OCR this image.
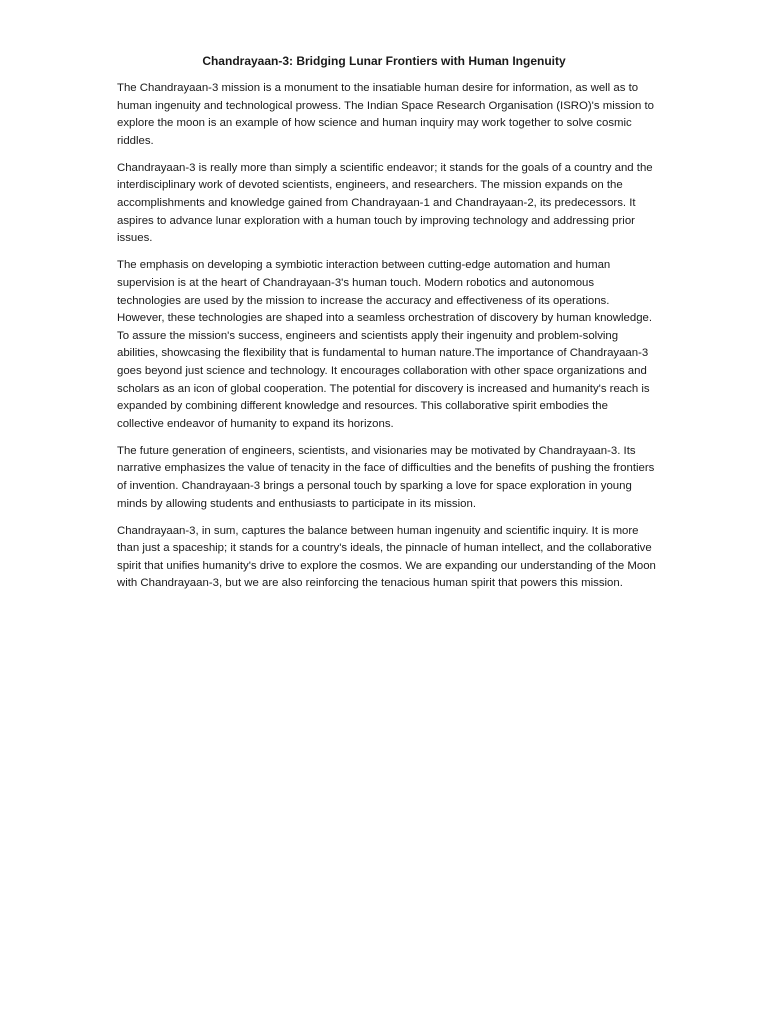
Chandrayaan-3: Bridging Lunar Frontiers with Human Ingenuity

The Chandrayaan-3 mission is a monument to the insatiable human desire for information, as well as to human ingenuity and technological prowess. The Indian Space Research Organisation (ISRO)'s mission to explore the moon is an example of how science and human inquiry may work together to solve cosmic riddles.

Chandrayaan-3 is really more than simply a scientific endeavor; it stands for the goals of a country and the interdisciplinary work of devoted scientists, engineers, and researchers. The mission expands on the accomplishments and knowledge gained from Chandrayaan-1 and Chandrayaan-2, its predecessors. It aspires to advance lunar exploration with a human touch by improving technology and addressing prior issues.

The emphasis on developing a symbiotic interaction between cutting-edge automation and human supervision is at the heart of Chandrayaan-3's human touch. Modern robotics and autonomous technologies are used by the mission to increase the accuracy and effectiveness of its operations. However, these technologies are shaped into a seamless orchestration of discovery by human knowledge. To assure the mission's success, engineers and scientists apply their ingenuity and problem-solving abilities, showcasing the flexibility that is fundamental to human nature.The importance of Chandrayaan-3 goes beyond just science and technology. It encourages collaboration with other space organizations and scholars as an icon of global cooperation. The potential for discovery is increased and humanity's reach is expanded by combining different knowledge and resources. This collaborative spirit embodies the collective endeavor of humanity to expand its horizons.

The future generation of engineers, scientists, and visionaries may be motivated by Chandrayaan-3. Its narrative emphasizes the value of tenacity in the face of difficulties and the benefits of pushing the frontiers of invention. Chandrayaan-3 brings a personal touch by sparking a love for space exploration in young minds by allowing students and enthusiasts to participate in its mission.

Chandrayaan-3, in sum, captures the balance between human ingenuity and scientific inquiry. It is more than just a spaceship; it stands for a country's ideals, the pinnacle of human intellect, and the collaborative spirit that unifies humanity's drive to explore the cosmos. We are expanding our understanding of the Moon with Chandrayaan-3, but we are also reinforcing the tenacious human spirit that powers this mission.
